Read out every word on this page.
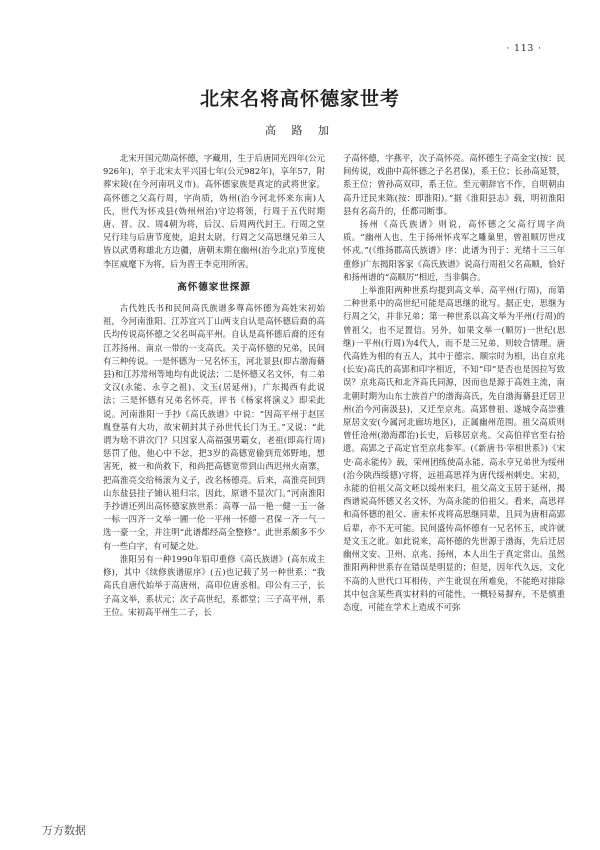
· 113 ·
北宋名将高怀德家世考
高 路 加

北宋开国元勋高怀德，字藏用，生于后唐同光四年(公元926年)，卒于北宋太平兴国七年(公元982年)，享年57，附葬宋陵(在今河南巩义市)。高怀德家族是真定的武将世家。高怀德之父高行周，字尚质，妫州(治今河北怀来东南)人氏，世代为怀戎县(妫州州治)守边将领，行周于五代时期唐、晋、汉、周4朝为将，后汉、后周两代封王。行周之堂兄行珪与后唐节度使，追封太尉。行周之父高思继兄弟三人皆以武勇称雄北方边疆，唐朝末期在幽州(治今北京)节度使李匡威麾下为将，后为晋王李克用所害。

高怀德家世探源

古代姓氏书和民间高氏族谱多尊高怀德为高姓宋初始祖，今河南淮阳、江苏宜兴丁山两支自认是高怀德后裔的高氏均传说高怀德之父名叫高平州。自认是高怀德后裔的还有江苏扬州、南京一带的一支高氏。关于高怀德的兄弟，民间有三种传说。一是怀德为一兄名怀玉，河北景县(即古渤海蓨县)和江苏常州等地均有此说法；二是怀德又名文怀，有二弟文汉(永能、永亨之祖)、文玉(居延州)，广东揭西有此说法；三是怀德有兄弟名怀亮，评书《杨家将演义》即采此说。河南淮阳一手抄《高氏族谱》中说：“因高平州于赵匡胤登基有大功，故宋朝封其子孙世代长门为王。”又说：“此谓为啥不讲次门？只因家人高福强男霸女，老祖(即高行周)惩罚了他，他心中不忿，把3岁的高德宽偷到荒郊野地，想害死，被一和尚救下，和尚把高德宽带到山西迟州火南寨，把高淮亮交给杨滚为义子，改名杨德亮。后来，高淮亮回到山东盐县挂子铺认祖归宗，因此，原谱不显次门。”河南淮阳手抄谱还列出高怀德家族世系：高尊一品一艳一健一玉一备一标一四齐一文举一圃一伦一平州一怀德一君保一齐一气一选一豪一全，并注明“此谱都经高全整修”。此世系颇多不少有一些白字，有可疑之处。

淮阳另有一种1990年铅印重修《高氏族谱》(高东成主修)，其中《续修族谱原序》(五)也记载了另一种世系：“我高氏自唐代始举于高唐州，高印位唐丞相。印公有三子，长子高文举，系状元；次子高世纪，系都堂；三子高平州，系王位。宋初高平州生二子，长

子高怀德，字燕平，次子高怀亮。高怀德生子高金宝(按：民间传说，戏曲中高怀德之子名君保)，系王位；长孙高延赞，系王位；曾孙高双印，系王位。至元朝辞官不作，自明朝由高升迁民来陈(按：即淮阳)。”据《淮阳县志》载，明初淮阳县有名高升的，任都司断事。

扬州《高氏族谱》则说，高怀德之父高行周字尚质。“幽州人也，生于扬州怀戎军之雕巢里，曾祖顺厉世戍怀戎。”(《维扬郡高氏族谱》序：此谱为刊于：光绪十三三年重修)广东揭阳客家《高氏族谱》说高行周祖父名高顺，恰好和扬州谱的“高顺厉”相近，当非偶合。

上举淮阳两种世系均提到高文举、高平州(行周)，而第二种世系中的高世纪可能是高思继的讹写。据正史，思继为行周之父，并非兄弟；第一种世系以高文举为平州(行周)的曾祖父，也不足置信。另外，如果文举一(顺厉)一世纪(思继)一平州(行周)为4代人，而不是三兄弟，则较合情理。唐代高姓为相的有五人，其中于德宗、顺宗时为相，出自京兆(长安)高氏的高郢和印字相近，不知“印”是否也是因拉写致误？京兆高氏和北齐高氏同源，因而也是源于高姓主流，南北朝时期为山东士族首户的渤海高氏，先自渤海蓨县迁居卫州(治今河南汲县)，又迁至京兆。高郢曾祖、遂城令高崇雅原居文安(今属河北廊坊地区)，正属幽州范围。祖父高质则曾任沧州(渤海郡治)长史，后移居京兆。父高伯祥官至右拾遗。高郢之子高定官至京兆参军。(《新唐书·宰相世系》)《宋史·高永能传》载，荣州团练使高永能、高永亨兄弟世为绥州(治今陕西绥德)守将，远祖高思祥为唐代绥州刺史。宋初，永能的伯祖父高文岯以绥州来归，祖父高文玉居于延州，揭西谱说高怀德又名文怀，为高永能的伯祖父。看来，高思祥和高怀德的祖父、唐末怀戎将高思继同辈，且同为唐相高郢后辈，亦不无可能。民间盛传高怀德有一兄名怀玉，或许就是文玉之讹。如此说来，高怀德的先世源于渤海，先后迁居幽州文安、卫州、京兆、扬州，本人出生于真定常山。虽然淮阳两种世系存在错误是明显的；但是，因年代久远，文化不高的人世代口耳相传，产生讹误在所难免，不能绝对排除其中包含某些真实材料的可能性，一概轻易摒弃，不是慎重态度，可能在学术上造成不可弥

万方数据
